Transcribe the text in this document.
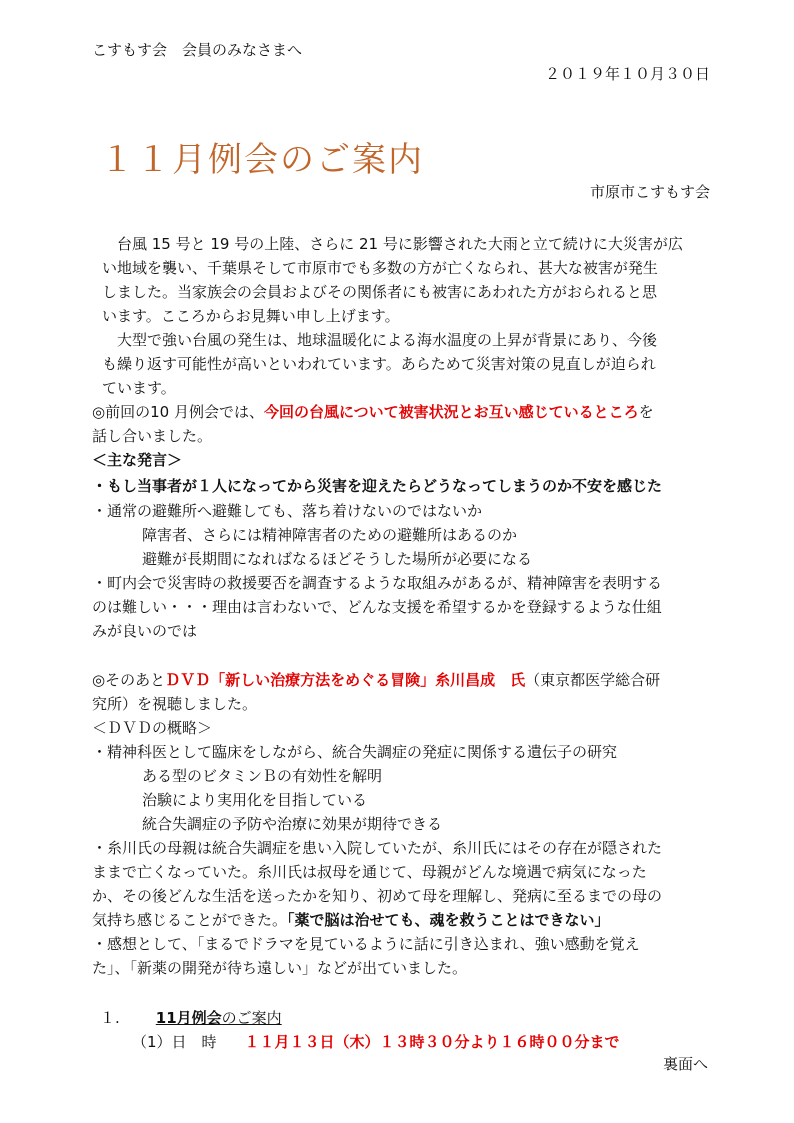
こすもす会　会員のみなさまへ
２０１９年１０月３０日
１１月例会のご案内
市原市こすもす会
　台風 15 号と 19 号の上陸、さらに 21 号に影響された大雨と立て続けに大災害が広
い地域を襲い、千葉県そして市原市でも多数の方が亡くなられ、甚大な被害が発生
しました。当家族会の会員およびその関係者にも被害にあわれた方がおられると思
います。こころからお見舞い申し上げます。
　大型で強い台風の発生は、地球温暖化による海水温度の上昇が背景にあり、今後
も繰り返す可能性が高いといわれています。あらためて災害対策の見直しが迫られ
ています。
◎前回の10 月例会では、今回の台風について被害状況とお互い感じているところを
話し合いました。
＜主な発言＞
・もし当事者が１人になってから災害を迎えたらどうなってしまうのか不安を感じた
・通常の避難所へ避難しても、落ち着けないのではないか
障害者、さらには精神障害者のための避難所はあるのか
避難が長期間になればなるほどそうした場所が必要になる
・町内会で災害時の救援要否を調査するような取組みがあるが、精神障害を表明する
のは難しい・・・理由は言わないで、どんな支援を希望するかを登録するような仕組
みが良いのでは
◎そのあとＤＶＤ「新しい治療方法をめぐる冒険」糸川昌成　氏（東京都医学総合研
究所）を視聴しました。
＜ＤＶＤの概略＞
・精神科医として臨床をしながら、統合失調症の発症に関係する遺伝子の研究
ある型のビタミンＢの有効性を解明
治験により実用化を目指している
統合失調症の予防や治療に効果が期待できる
・糸川氏の母親は統合失調症を患い入院していたが、糸川氏にはその存在が隠された
ままで亡くなっていた。糸川氏は叔母を通じて、母親がどんな境遇で病気になった
か、その後どんな生活を送ったかを知り、初めて母を理解し、発病に至るまでの母の
気持ち感じることができた。「薬で脳は治せても、魂を救うことはできない」
・感想として、「まるでドラマを見ているように話に引き込まれ、強い感動を覚え
た」、「新薬の開発が待ち遠しい」などが出ていました。
１. 11月例会のご案内
（1）日　時 １１月１３日（木）１３時３０分より１６時００分まで
裏面へ
